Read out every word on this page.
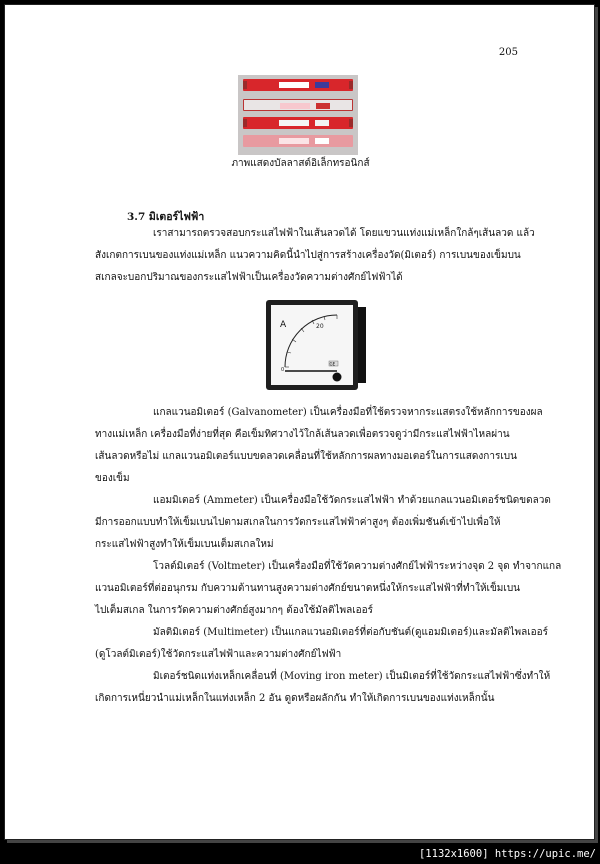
205
ภาพแสดงบัลลาสต์อิเล็กทรอนิกส์
3.7 มิเตอร์ไฟฟ้า
เราสามารถตรวจสอบกระแสไฟฟ้าในเส้นลวดได้ โดยแขวนแท่งแม่เหล็กใกล้ๆเส้นลวด แล้ว
สังเกตการเบนของแท่งแม่เหล็ก แนวความคิดนี้นำไปสู่การสร้างเครื่องวัด(มิเตอร์) การเบนของเข็มบน
สเกลจะบอกปริมาณของกระแสไฟฟ้าเป็นเครื่องวัดความต่างศักย์ไฟฟ้าได้
A	20
0
GE
แกลแวนอมิเตอร์ (Galvanometer) เป็นเครื่องมือที่ใช้ตรวจหากระแสตรงใช้หลักการของผล
ทางแม่เหล็ก เครื่องมือที่ง่ายที่สุด คือเข็มทิศวางไว้ใกล้เส้นลวดเพื่อตรวจดูว่ามีกระแสไฟฟ้าไหลผ่าน
เส้นลวดหรือไม่ แกลแวนอมิเตอร์แบบขดลวดเคลื่อนที่ใช้หลักการผลทางมอเตอร์ในการแสดงการเบน
ของเข็ม
แอมมิเตอร์ (Ammeter) เป็นเครื่องมือใช้วัดกระแสไฟฟ้า ทำด้วยแกลแวนอมิเตอร์ชนิดขดลวด
มีการออกแบบทำให้เข็มเบนไปตามสเกลในการวัดกระแสไฟฟ้าค่าสูงๆ ต้องเพิ่มชันต์เข้าไปเพื่อให้
กระแสไฟฟ้าสูงทำให้เข็มเบนเต็มสเกลใหม่
โวลต์มิเตอร์ (Voltmeter) เป็นเครื่องมือที่ใช้วัดความต่างศักย์ไฟฟ้าระหว่างจุด 2 จุด ทำจากแกล
แวนอมิเตอร์ที่ต่ออนุกรม กับความต้านทานสูงความต่างศักย์ขนาดหนึ่งให้กระแสไฟฟ้าที่ทำให้เข็มเบน
ไปเต็มสเกล ในการวัดความต่างศักย์สูงมากๆ ต้องใช้มัลติไพลเออร์
มัลติมิเตอร์ (Multimeter) เป็นแกลแวนอมิเตอร์ที่ต่อกับชันต์(ดูแอมมิเตอร์)และมัลติไพลเออร์
(ดูโวลต์มิเตอร์)ใช้วัดกระแสไฟฟ้าและความต่างศักย์ไฟฟ้า
มิเตอร์ชนิดแท่งเหล็กเคลื่อนที่ (Moving iron meter) เป็นมิเตอร์ที่ใช้วัดกระแสไฟฟ้าซึ่งทำให้
เกิดการเหนี่ยวนำแม่เหล็กในแท่งเหล็ก 2 อัน ดูดหรือผลักกัน ทำให้เกิดการเบนของแท่งเหล็กนั้น
[1132x1600] https://upic.me/
